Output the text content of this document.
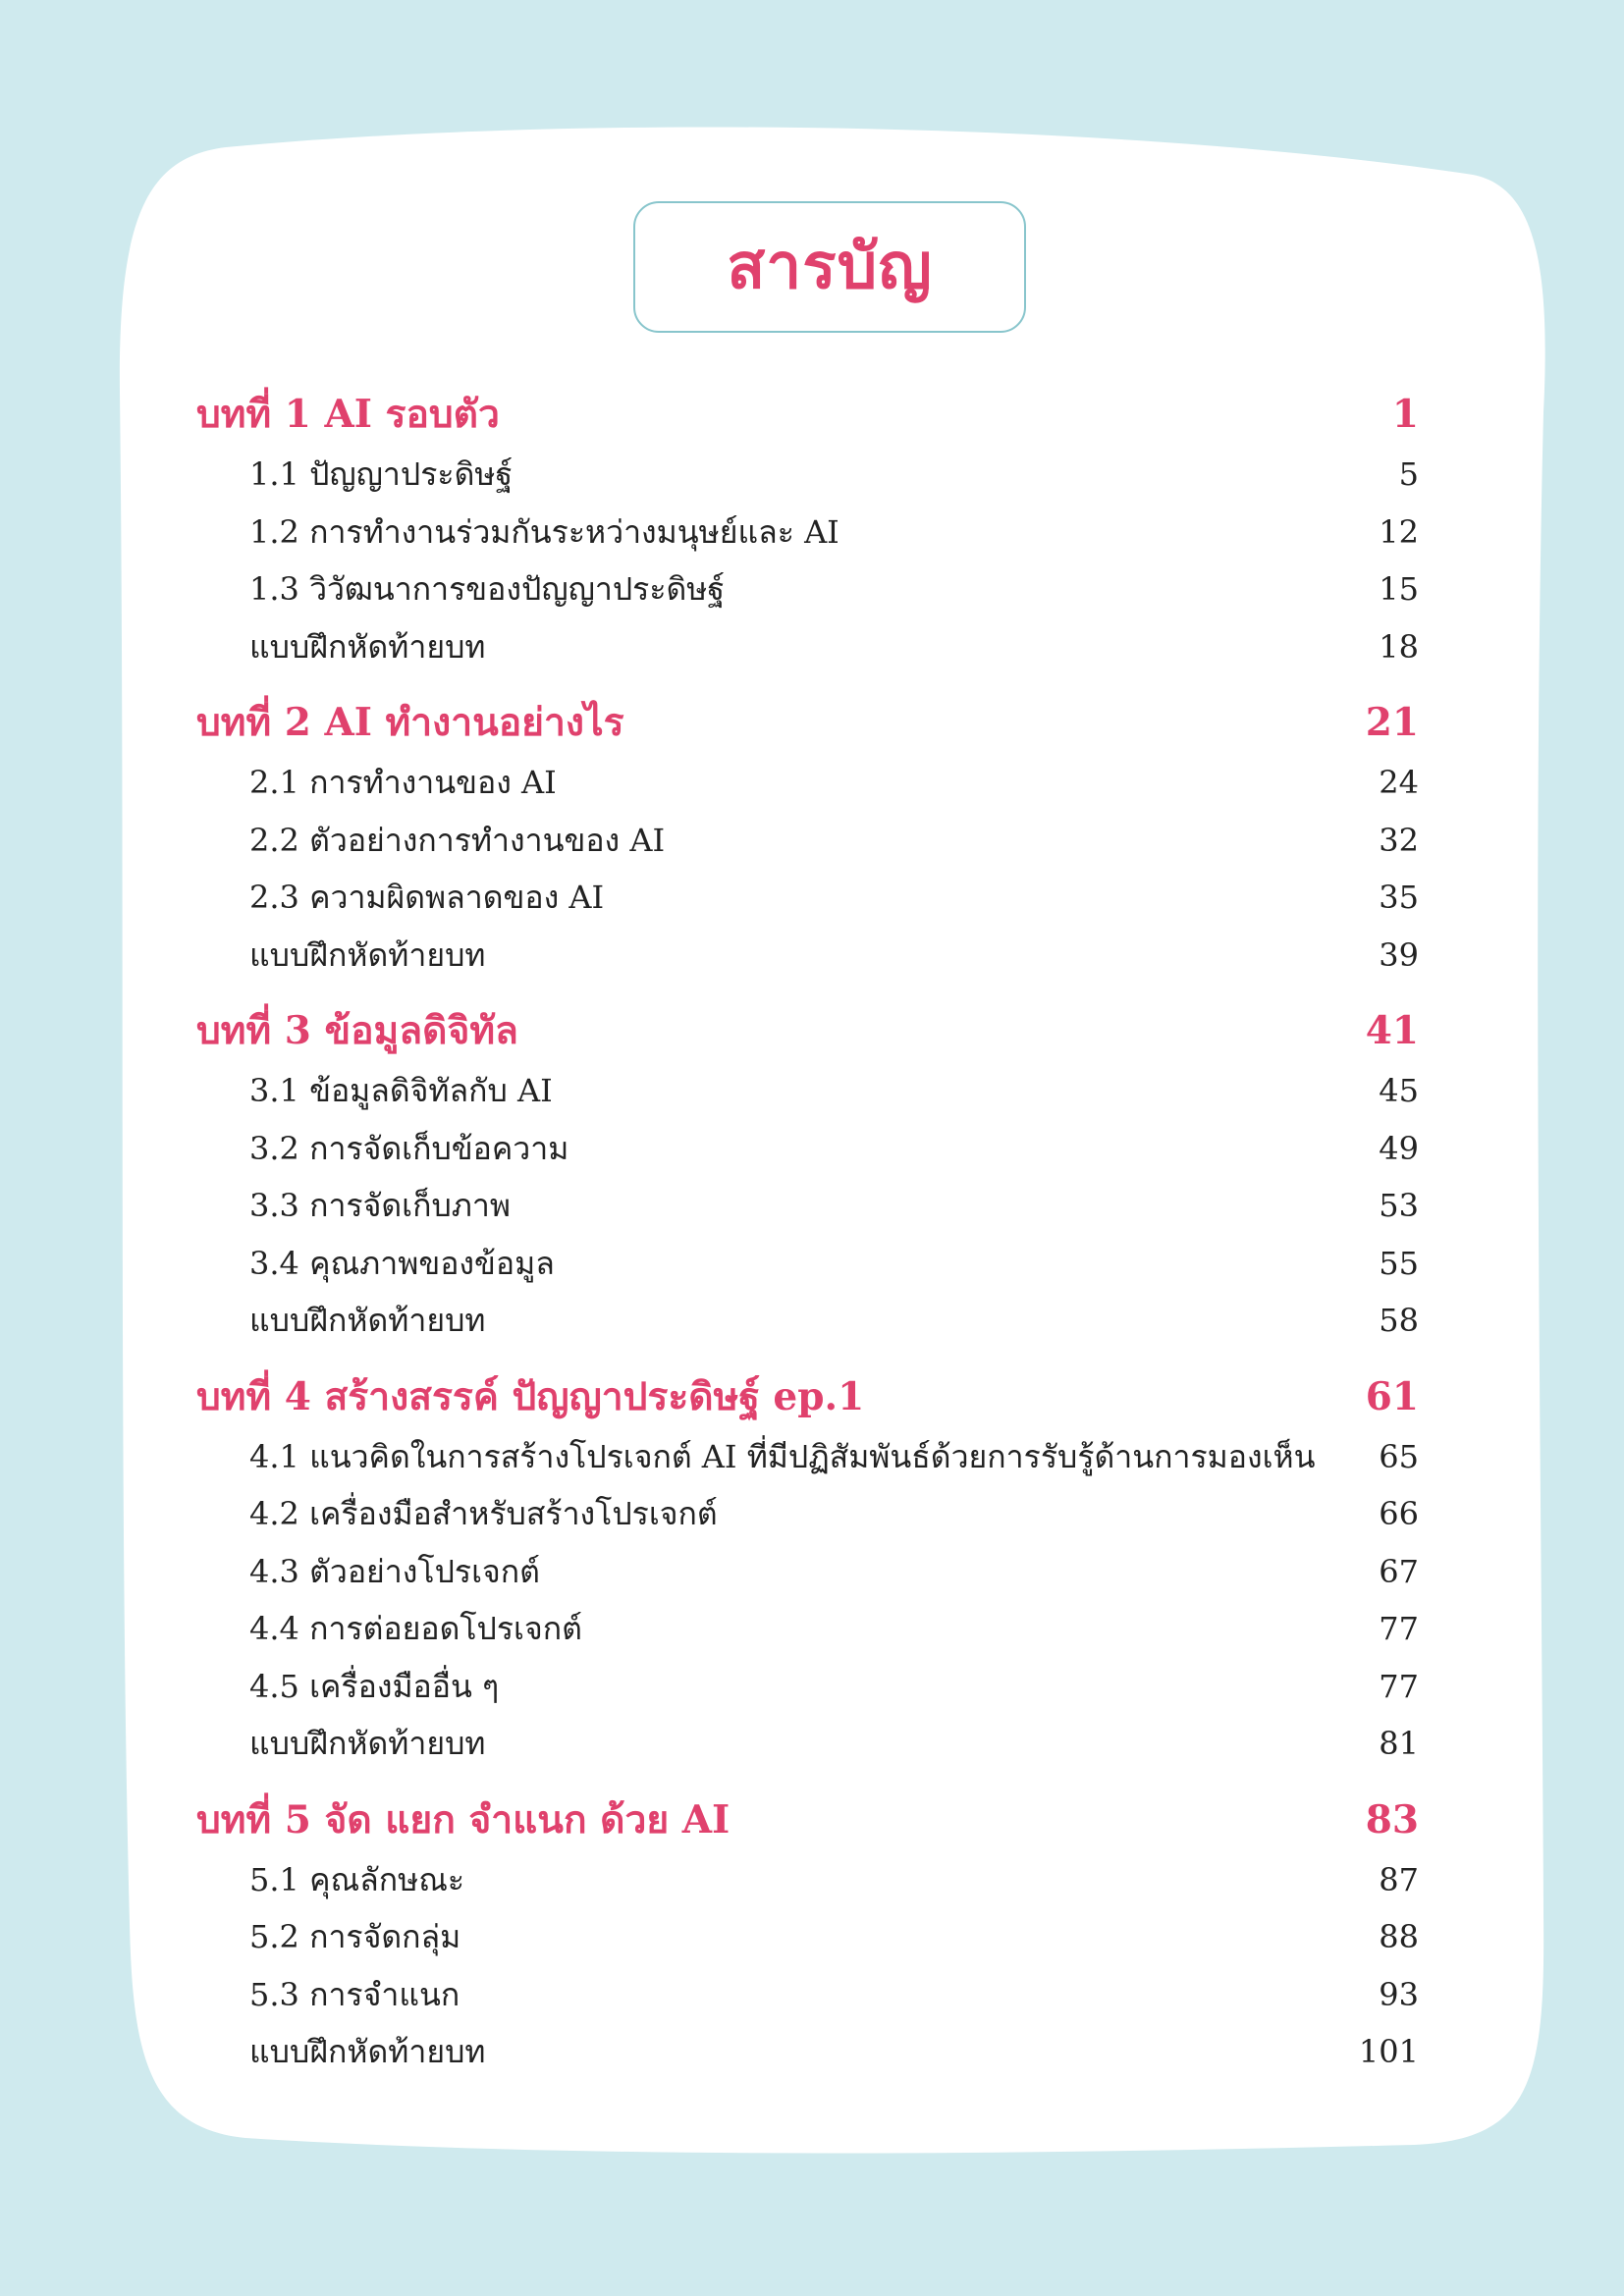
สารบัญ
บทที่ 1 AI รอบตัว	1
1.1 ปัญญาประดิษฐ์	5
1.2 การทำงานร่วมกันระหว่างมนุษย์และ AI	12
1.3 วิวัฒนาการของปัญญาประดิษฐ์	15
แบบฝึกหัดท้ายบท	18
บทที่ 2 AI ทำงานอย่างไร	21
2.1 การทำงานของ AI	24
2.2 ตัวอย่างการทำงานของ AI	32
2.3 ความผิดพลาดของ AI	35
แบบฝึกหัดท้ายบท	39
บทที่ 3 ข้อมูลดิจิทัล	41
3.1 ข้อมูลดิจิทัลกับ AI	45
3.2 การจัดเก็บข้อความ	49
3.3 การจัดเก็บภาพ	53
3.4 คุณภาพของข้อมูล	55
แบบฝึกหัดท้ายบท	58
บทที่ 4 สร้างสรรค์ ปัญญาประดิษฐ์ ep.1	61
4.1 แนวคิดในการสร้างโปรเจกต์ AI ที่มีปฏิสัมพันธ์ด้วยการรับรู้ด้านการมองเห็น 65
4.2 เครื่องมือสำหรับสร้างโปรเจกต์	66
4.3 ตัวอย่างโปรเจกต์	67
4.4 การต่อยอดโปรเจกต์	77
4.5 เครื่องมืออื่น ๆ	77
แบบฝึกหัดท้ายบท	81
บทที่ 5 จัด แยก จำแนก ด้วย AI	83
5.1 คุณลักษณะ	87
5.2 การจัดกลุ่ม	88
5.3 การจำแนก	93
แบบฝึกหัดท้ายบท	101
